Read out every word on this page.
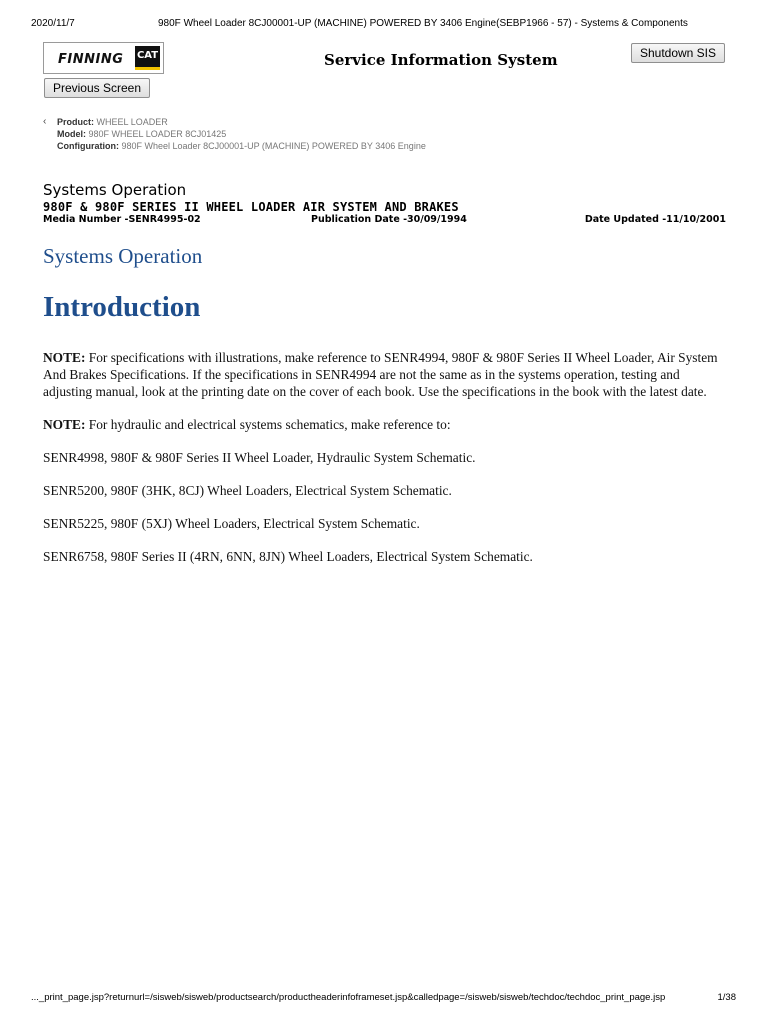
2020/11/7	980F Wheel Loader 8CJ00001-UP (MACHINE) POWERED BY 3406 Engine(SEBP1966 - 57) - Systems & Components
FINNING CAT	Service Information System	Shutdown SIS
Previous Screen
‹ Product: WHEEL LOADER
Model: 980F WHEEL LOADER 8CJ01425
Configuration: 980F Wheel Loader 8CJ00001-UP (MACHINE) POWERED BY 3406 Engine
Systems Operation
980F & 980F SERIES II WHEEL LOADER AIR SYSTEM AND BRAKES
Media Number -SENR4995-02	Publication Date -30/09/1994	Date Updated -11/10/2001
Systems Operation
Introduction

NOTE: For specifications with illustrations, make reference to SENR4994, 980F & 980F Series II Wheel Loader, Air System And Brakes Specifications. If the specifications in SENR4994 are not the same as in the systems operation, testing and adjusting manual, look at the printing date on the cover of each book. Use the specifications in the book with the latest date.

NOTE: For hydraulic and electrical systems schematics, make reference to:

SENR4998, 980F & 980F Series II Wheel Loader, Hydraulic System Schematic.

SENR5200, 980F (3HK, 8CJ) Wheel Loaders, Electrical System Schematic.

SENR5225, 980F (5XJ) Wheel Loaders, Electrical System Schematic.

SENR6758, 980F Series II (4RN, 6NN, 8JN) Wheel Loaders, Electrical System Schematic.

..._print_page.jsp?returnurl=/sisweb/sisweb/productsearch/productheaderinfoframeset.jsp&calledpage=/sisweb/sisweb/techdoc/techdoc_print_page.jsp	1/38
